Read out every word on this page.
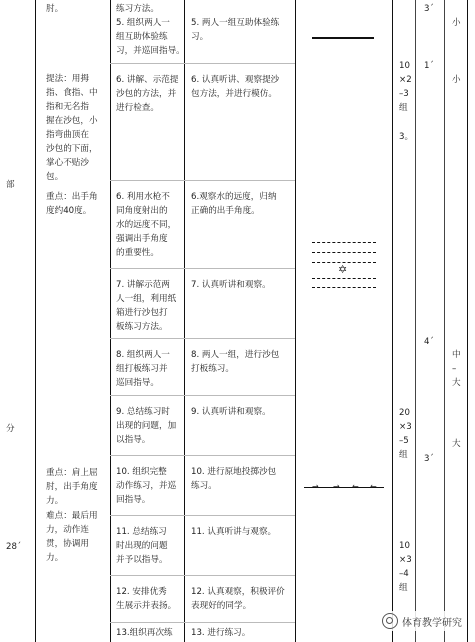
部
分
28´
肘。
提法：用拇
指、食指、中
指和无名指
握在沙包，小
指弯曲顶在
沙包的下面，
掌心不贴沙
包。
重点：出手角
度约40度。
重点：肩上屈
肘，出手角度
力。
难点：最后用
力，动作连
贯，协调用
力。
练习方法。
5. 组织两人一
组互助体验练
习，并巡回指导。
6. 讲解、示范提
沙包的方法，并
进行检查。
6. 利用水枪不
同角度射出的
水的远度不同，
强调出手角度
的重要性。
7. 讲解示范两
人一组，利用纸
箱进行沙包打
板练习方法。
8. 组织两人一
组打板练习并
巡回指导。
9. 总结练习时
出现的问题，加
以指导。
10. 组织完整
动作练习，并巡
回指导。
11. 总结练习
时出现的问题
并予以指导。
12. 安排优秀
生展示并表扬。
13.组织再次练
5. 两人一组互助体验练
习。
6. 认真听讲、观察提沙
包方法，并进行模仿。
6.观察水的远度，归纳
正确的出手角度。
7. 认真听讲和观察。
8. 两人一组，进行沙包
打板练习。
9. 认真听讲和观察。
10. 进行原地投掷沙包
练习。
11. 认真听讲与观察。
12. 认真观察，积极评价
表现好的同学。
13. 进行练习。
✡
→ → ← ←
10
×2
–3
组
3。
20
×3
–5
组
10
×3
–4
组
3´
1´
4´
3´
小
小
中
–
大
大
体育教学研究
